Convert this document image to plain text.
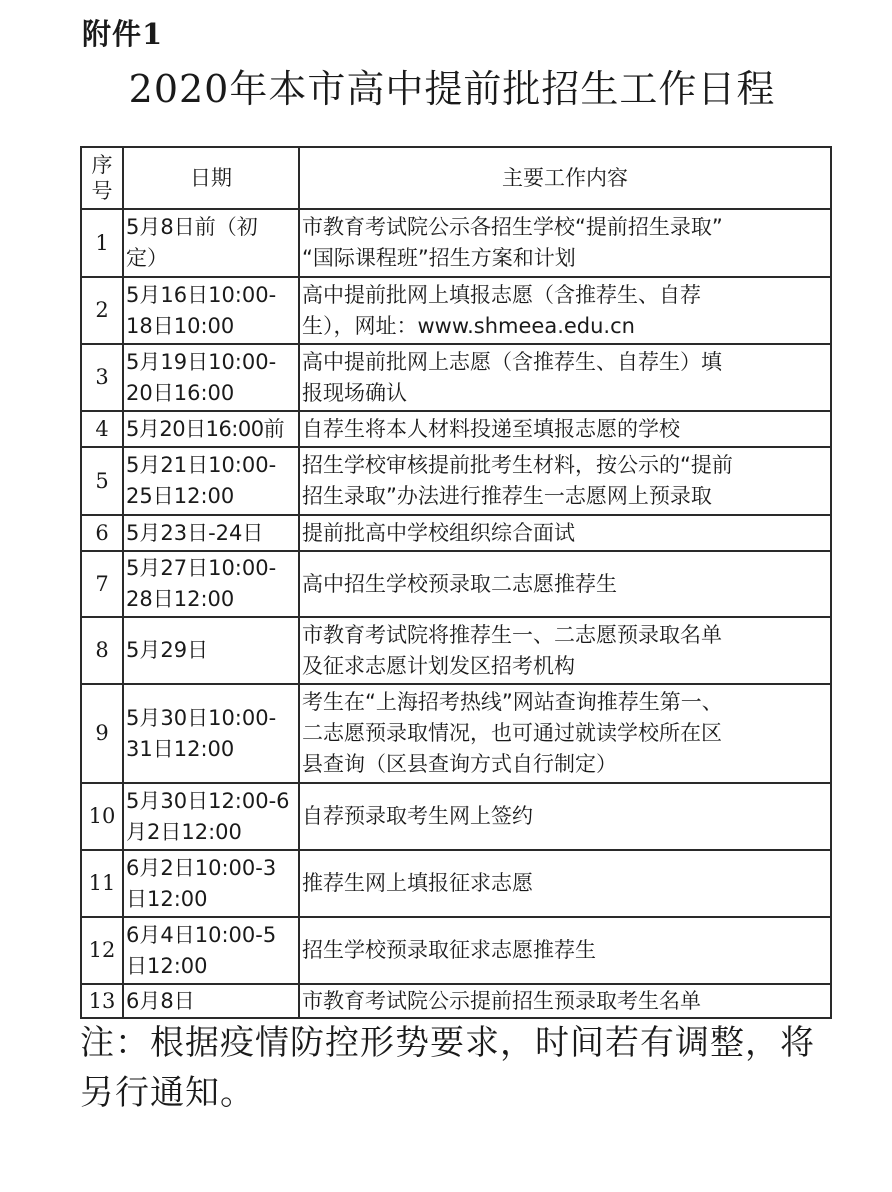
附件1
2020年本市高中提前批招生工作日程
序
号	日期	主要工作内容
1	5月8日前（初
定）	市教育考试院公示各招生学校“提前招生录取”
“国际课程班”招生方案和计划
2	5月16日10:00-
18日10:00	高中提前批网上填报志愿（含推荐生、自荐
生），网址：www.shmeea.edu.cn
3	5月19日10:00-
20日16:00	高中提前批网上志愿（含推荐生、自荐生）填
报现场确认
4	5月20日16:00前	自荐生将本人材料投递至填报志愿的学校
5	5月21日10:00-
25日12:00	招生学校审核提前批考生材料，按公示的“提前
招生录取”办法进行推荐生一志愿网上预录取
6	5月23日-24日	提前批高中学校组织综合面试
7	5月27日10:00-
28日12:00	高中招生学校预录取二志愿推荐生
8	5月29日	市教育考试院将推荐生一、二志愿预录取名单
及征求志愿计划发区招考机构
9	5月30日10:00-
31日12:00	考生在“上海招考热线”网站查询推荐生第一、
二志愿预录取情况，也可通过就读学校所在区
县查询（区县查询方式自行制定）
10	5月30日12:00-6
月2日12:00	自荐预录取考生网上签约
11	6月2日10:00-3
日12:00	推荐生网上填报征求志愿
12	6月4日10:00-5
日12:00	招生学校预录取征求志愿推荐生
13	6月8日	市教育考试院公示提前招生预录取考生名单
注：根据疫情防控形势要求，时间若有调整，将另行通知。
